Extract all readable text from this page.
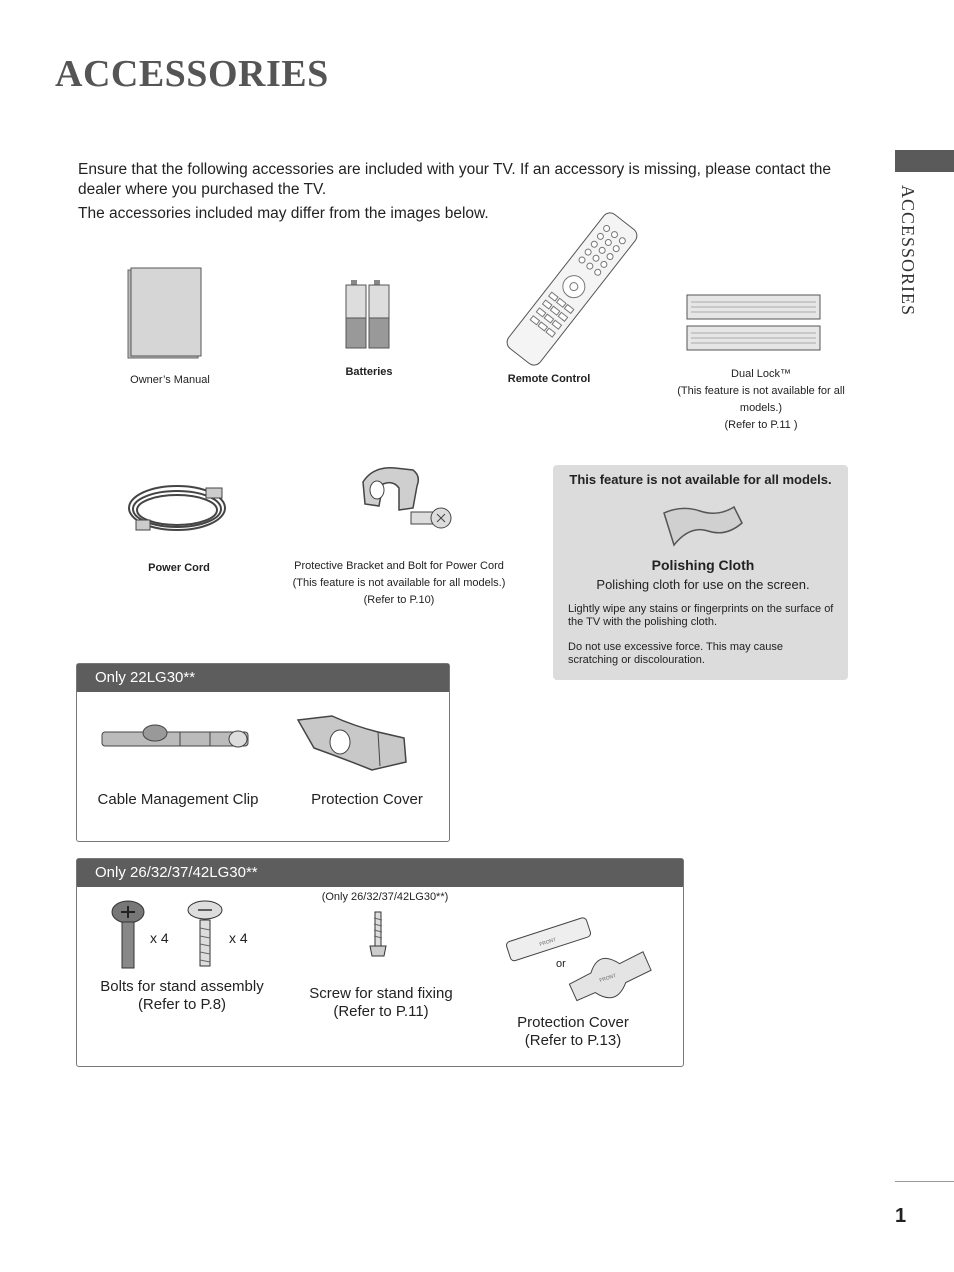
ACCESSORIES
ACCESSORIES

Ensure that the following accessories are included with your TV. If an accessory is missing, please contact the dealer where you purchased the TV.

The accessories included may differ from the images below.

Owner’s Manual
Batteries
Remote Control	Dual Lock™
(This feature is not available for all models.)
(Refer to P.11 )
Power Cord	Protective Bracket and Bolt for Power Cord
(This feature is not available for all models.)
(Refer to P.10)
This feature is not available for all models.
Polishing Cloth
Polishing cloth for use on the screen.
Lightly wipe any stains or fingerprints on the surface of the TV with the polishing cloth.
Do not use excessive force. This may cause scratching or discolouration.
Only 22LG30**
Cable Management Clip	Protection Cover
Only 26/32/37/42LG30**
x 4	x 4
Bolts for stand assembly
(Refer to P.8)
(Only 26/32/37/42LG30**)
Screw for stand fixing
(Refer to P.11)
FRONT
FRONT
or
Protection Cover
(Refer to P.13)
1
